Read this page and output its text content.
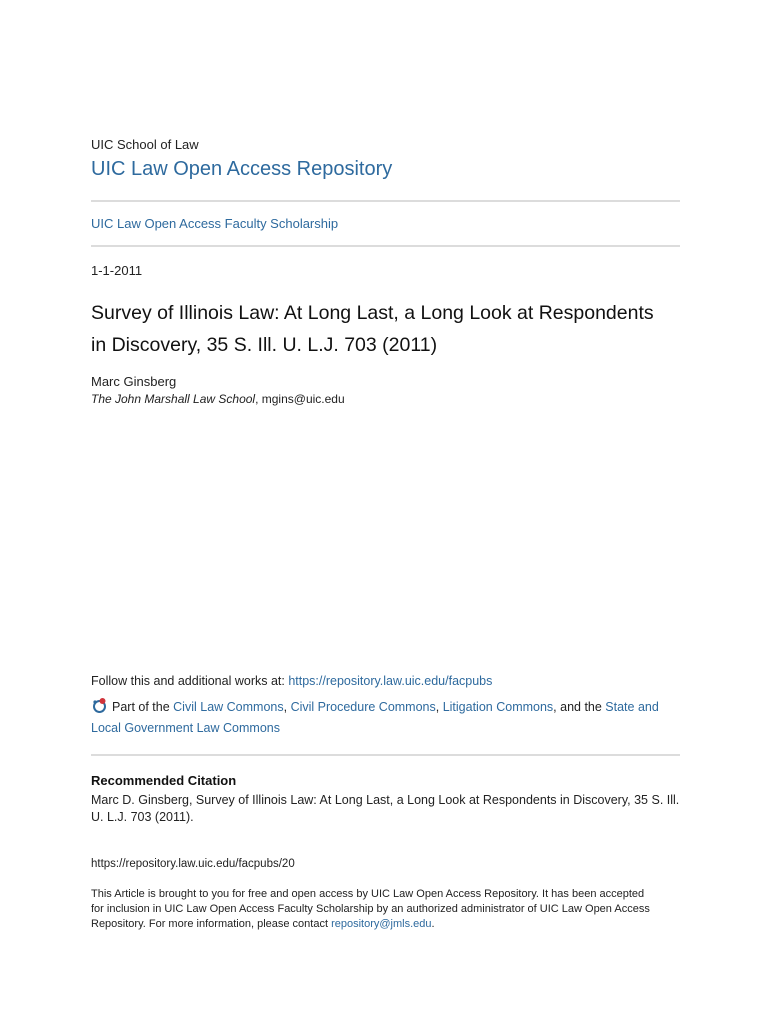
UIC School of Law
UIC Law Open Access Repository
UIC Law Open Access Faculty Scholarship
1-1-2011
Survey of Illinois Law: At Long Last, a Long Look at Respondents
in Discovery, 35 S. Ill. U. L.J. 703 (2011)
Marc Ginsberg
The John Marshall Law School, mgins@uic.edu
Follow this and additional works at: https://repository.law.uic.edu/facpubs
Part of the Civil Law Commons, Civil Procedure Commons, Litigation Commons, and the State and
Local Government Law Commons
Recommended Citation
Marc D. Ginsberg, Survey of Illinois Law: At Long Last, a Long Look at Respondents in Discovery, 35 S. Ill.
U. L.J. 703 (2011).
https://repository.law.uic.edu/facpubs/20
This Article is brought to you for free and open access by UIC Law Open Access Repository. It has been accepted
for inclusion in UIC Law Open Access Faculty Scholarship by an authorized administrator of UIC Law Open Access
Repository. For more information, please contact repository@jmls.edu.
